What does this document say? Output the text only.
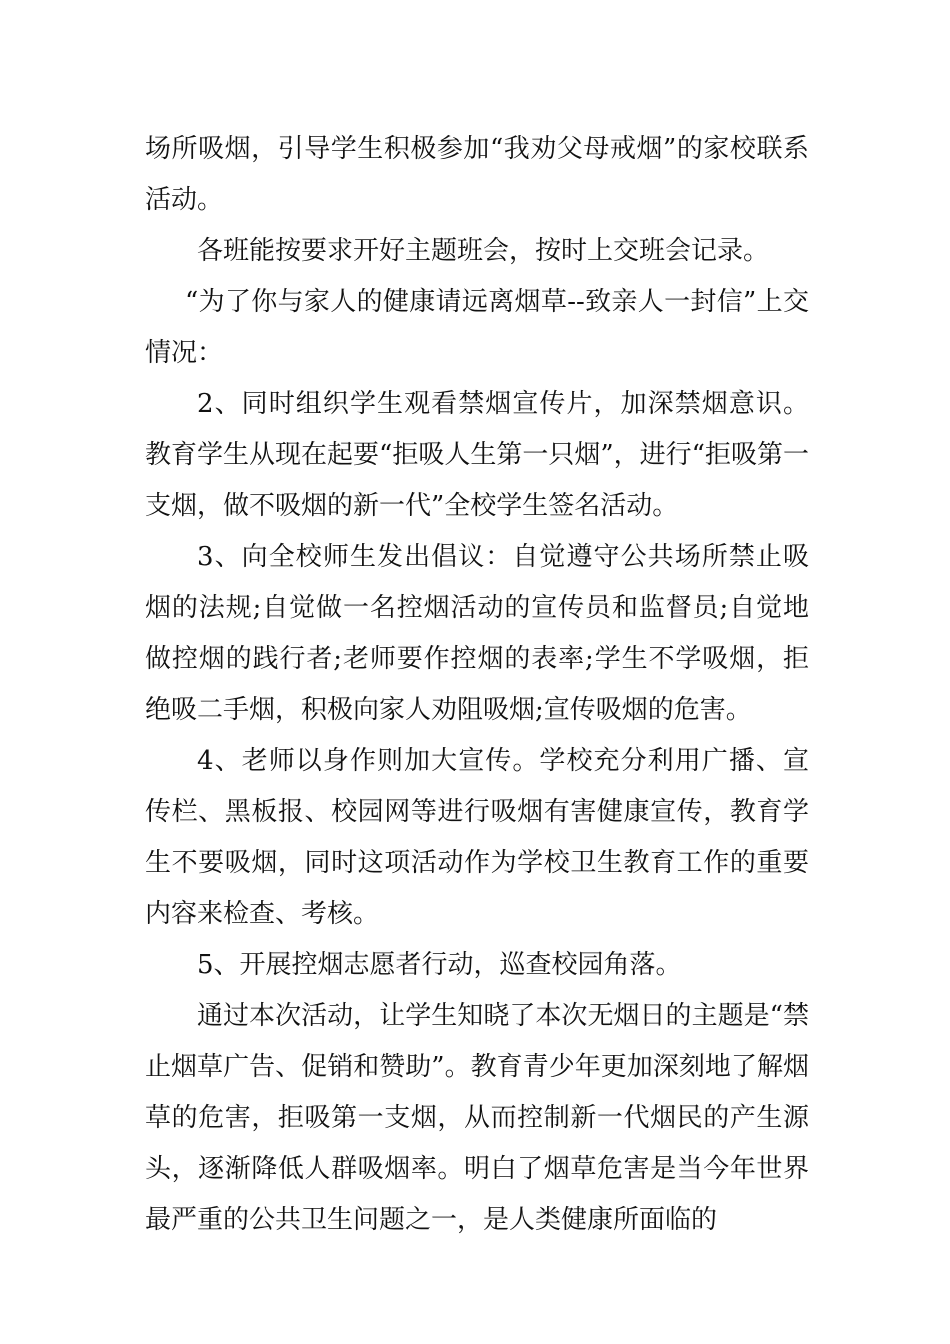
场所吸烟，引导学生积极参加“我劝父母戒烟”的家校联系活动。

各班能按要求开好主题班会，按时上交班会记录。

“为了你与家人的健康请远离烟草--致亲人一封信”上交情况：

2、同时组织学生观看禁烟宣传片，加深禁烟意识。教育学生从现在起要“拒吸人生第一只烟”，进行“拒吸第一支烟，做不吸烟的新一代”全校学生签名活动。

3、向全校师生发出倡议：自觉遵守公共场所禁止吸烟的法规;自觉做一名控烟活动的宣传员和监督员;自觉地做控烟的践行者;老师要作控烟的表率;学生不学吸烟，拒绝吸二手烟，积极向家人劝阻吸烟;宣传吸烟的危害。

4、老师以身作则加大宣传。学校充分利用广播、宣传栏、黑板报、校园网等进行吸烟有害健康宣传，教育学生不要吸烟，同时这项活动作为学校卫生教育工作的重要内容来检查、考核。

5、开展控烟志愿者行动，巡查校园角落。

通过本次活动，让学生知晓了本次无烟日的主题是“禁止烟草广告、促销和赞助”。教育青少年更加深刻地了解烟草的危害，拒吸第一支烟，从而控制新一代烟民的产生源头，逐渐降低人群吸烟率。明白了烟草危害是当今年世界最严重的公共卫生问题之一，是人类健康所面临的
